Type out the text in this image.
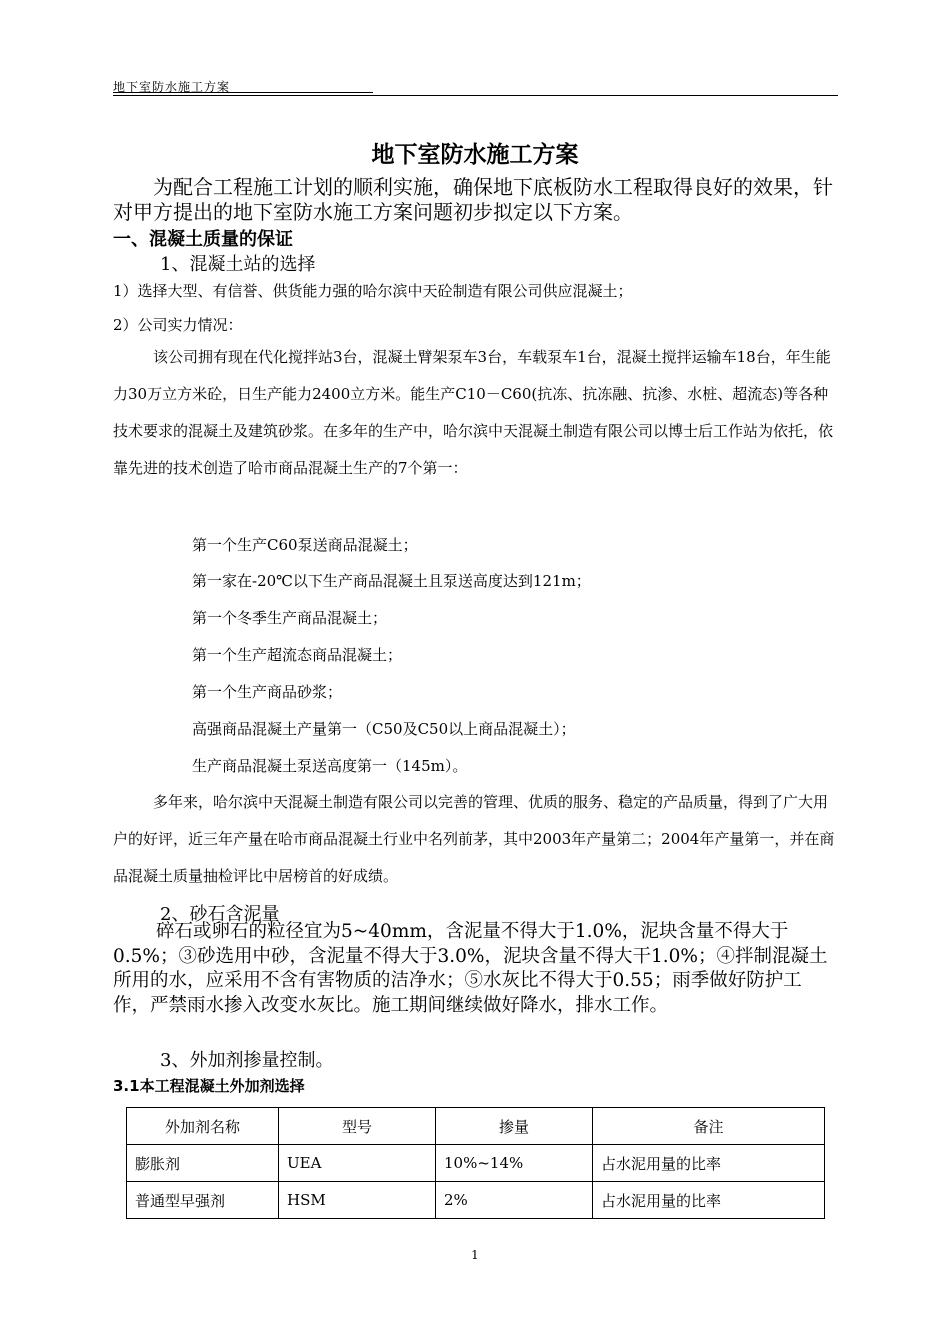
地下室防水施工方案
地下室防水施工方案
为配合工程施工计划的顺利实施，确保地下底板防水工程取得良好的效果，针对甲方提出的地下室防水施工方案问题初步拟定以下方案。
一、混凝土质量的保证
1、混凝土站的选择
1）选择大型、有信誉、供货能力强的哈尔滨中天砼制造有限公司供应混凝土；
2）公司实力情况：
该公司拥有现在代化搅拌站3台，混凝土臂架泵车3台，车载泵车1台，混凝土搅拌运输车18台，年生能力30万立方米砼，日生产能力2400立方米。能生产C10－C60(抗冻、抗冻融、抗渗、水桩、超流态)等各种技术要求的混凝土及建筑砂浆。在多年的生产中，哈尔滨中天混凝土制造有限公司以博士后工作站为依托，依靠先进的技术创造了哈市商品混凝土生产的7个第一：
第一个生产C60泵送商品混凝土；
第一家在-20℃以下生产商品混凝土且泵送高度达到121m；
第一个冬季生产商品混凝土；
第一个生产超流态商品混凝土；
第一个生产商品砂浆；
高强商品混凝土产量第一（C50及C50以上商品混凝土）；
生产商品混凝土泵送高度第一（145m）。
多年来，哈尔滨中天混凝土制造有限公司以完善的管理、优质的服务、稳定的产品质量，得到了广大用户的好评，近三年产量在哈市商品混凝土行业中名列前茅，其中2003年产量第二；2004年产量第一，并在商品混凝土质量抽检评比中居榜首的好成绩。
2、砂石含泥量
碎石或卵石的粒径宜为5~40mm，含泥量不得大于1.0%，泥块含量不得大于0.5%；③砂选用中砂，含泥量不得大于3.0%，泥块含量不得大干1.0%；④拌制混凝土所用的水，应采用不含有害物质的洁净水；⑤水灰比不得大于0.55；雨季做好防护工作，严禁雨水掺入改变水灰比。施工期间继续做好降水，排水工作。
3、外加剂掺量控制。
3.1本工程混凝土外加剂选择
外加剂名称	型号	掺量	备注
膨胀剂	UEA	10%~14%	占水泥用量的比率
普通型早强剂	HSM	2%	占水泥用量的比率
1
